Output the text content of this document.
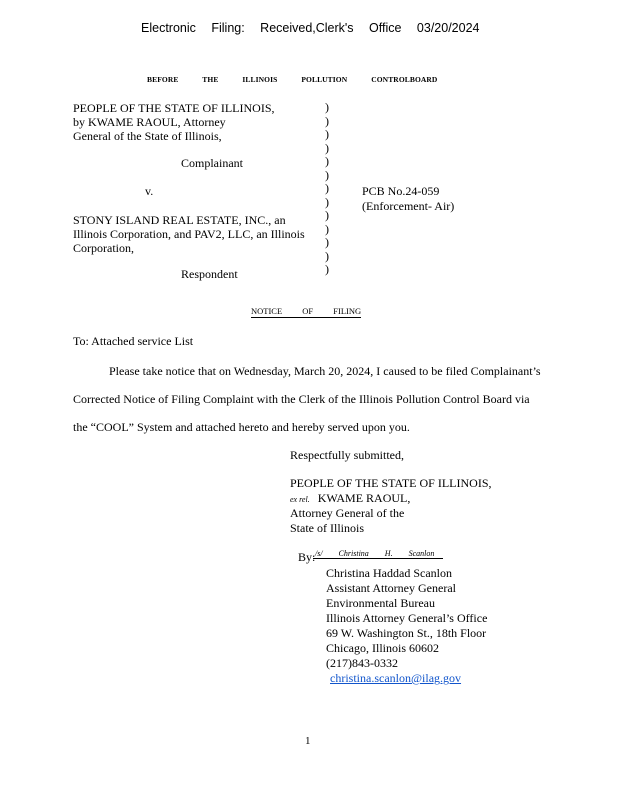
Electronic Filing: Received,Clerk's Office 03/20/2024
BEFORE THE ILLINOIS POLLUTION CONTROLBOARD
PEOPLE OF THE STATE OF ILLINOIS,
by KWAME RAOUL, Attorney
General of the State of Illinois,
Complainant
v.
STONY ISLAND REAL ESTATE, INC., an
Illinois Corporation, and PAV2, LLC, an Illinois
Corporation,
Respondent
PCB No.24-059
(Enforcement- Air)
)
)
)
)
)
)
)
)
)
)
)
)
)
NOTICE OF FILING
To: Attached service List
Please take notice that on Wednesday, March 20, 2024, I caused to be filed Complainant’s
Corrected Notice of Filing Complaint with the Clerk of the Illinois Pollution Control Board via
the “COOL” System and attached hereto and hereby served upon you.
Respectfully submitted,
PEOPLE OF THE STATE OF ILLINOIS,
ex rel. KWAME RAOUL,
Attorney General of the
State of Illinois
By: /s/ Christina H. Scanlon
Christina Haddad Scanlon
Assistant Attorney General
Environmental Bureau
Illinois Attorney General’s Office
69 W. Washington St., 18th Floor
Chicago, Illinois 60602
(217)843-0332
christina.scanlon@ilag.gov
1
